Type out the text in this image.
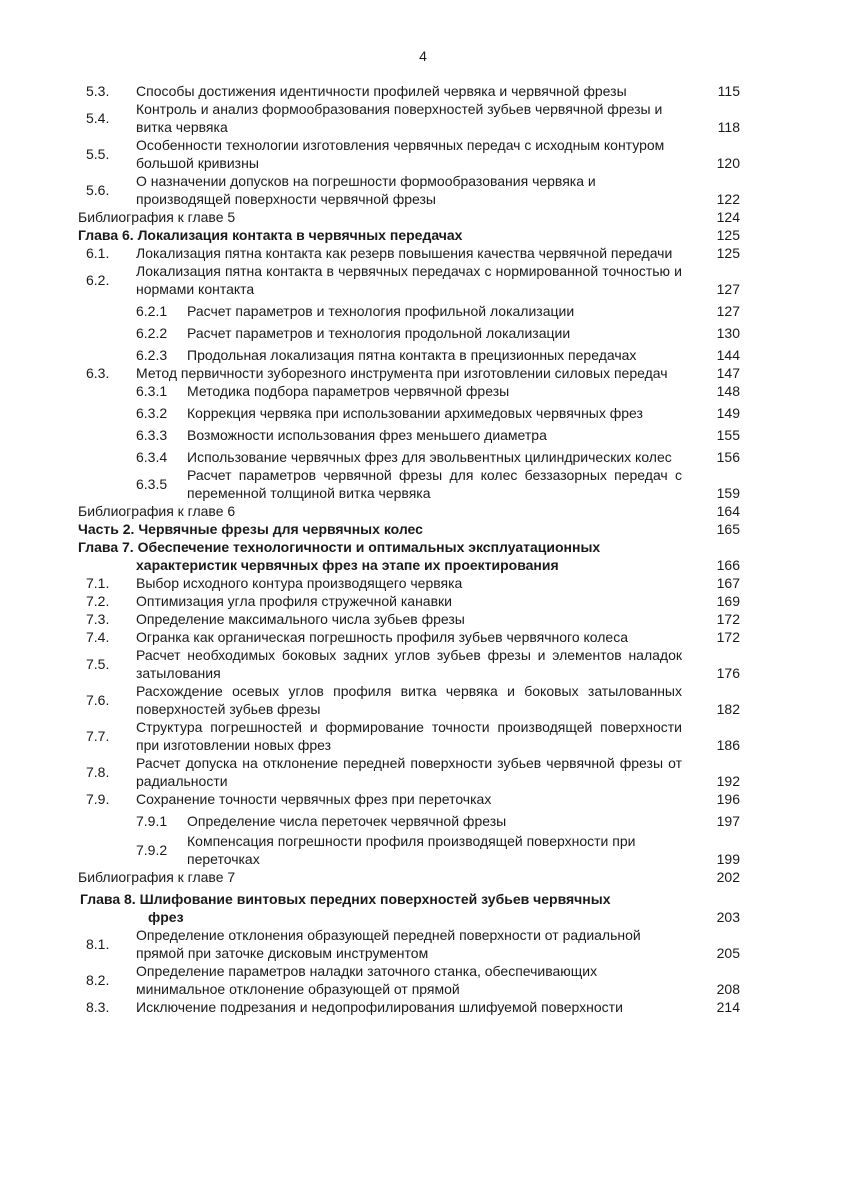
4
5.3. Способы достижения идентичности профилей червяка и червячной фрезы	115
5.4.
Контроль и анализ формообразования поверхностей зубьев червячной фрезы и витка червяка	118
5.5.
Особенности технологии изготовления червячных передач с исходным контуром большой кривизны	120
5.6.
О назначении допусков на погрешности формообразования червяка и производящей поверхности червячной фрезы	122
Библиография к главе 5	124
Глава 6. Локализация контакта в червячных передачах	125
6.1. Локализация пятна контакта как резерв повышения качества червячной передачи	125
6.2.
Локализация пятна контакта в червячных передачах с нормированной точностью и нормами контакта	127
6.2.1 Расчет параметров и технология профильной локализации	127
6.2.2 Расчет параметров и технология продольной локализации	130
6.2.3 Продольная локализация пятна контакта в прецизионных передачах	144
6.3. Метод первичности зуборезного инструмента при изготовлении силовых передач	147
6.3.1 Методика подбора параметров червячной фрезы	148
6.3.2 Коррекция червяка при использовании архимедовых червячных фрез	149
6.3.3 Возможности использования фрез меньшего диаметра	155
6.3.4 Использование червячных фрез для эвольвентных цилиндрических колес	156
6.3.5
Расчет параметров червячной фрезы для колес беззазорных передач с переменной толщиной витка червяка	159
Библиография к главе 6	164
Часть 2. Червячные фрезы для червячных колес	165
Глава 7. Обеспечение технологичности и оптимальных эксплуатационных
характеристик червячных фрез на этапе их проектирования	166
7.1. Выбор исходного контура производящего червяка	167
7.2. Оптимизация угла профиля стружечной канавки	169
7.3. Определение максимального числа зубьев фрезы	172
7.4. Огранка как органическая погрешность профиля зубьев червячного колеса	172
7.5.
Расчет необходимых боковых задних углов зубьев фрезы и элементов наладок затылования	176
7.6.
Расхождение осевых углов профиля витка червяка и боковых затылованных поверхностей зубьев фрезы	182
7.7.
Структура погрешностей и формирование точности производящей поверхности при изготовлении новых фрез	186
7.8.
Расчет допуска на отклонение передней поверхности зубьев червячной фрезы от радиальности	192
7.9. Сохранение точности червячных фрез при переточках	196
7.9.1 Определение числа переточек червячной фрезы	197
7.9.2
Компенсация погрешности профиля производящей поверхности при переточках	199
Библиография к главе 7	202
Глава 8. Шлифование винтовых передних поверхностей зубьев червячных
фрез	203
8.1.
Определение отклонения образующей передней поверхности от радиальной прямой при заточке дисковым инструментом	205
8.2.
Определение параметров наладки заточного станка, обеспечивающих минимальное отклонение образующей от прямой	208
8.3. Исключение подрезания и недопрофилирования шлифуемой поверхности	214
